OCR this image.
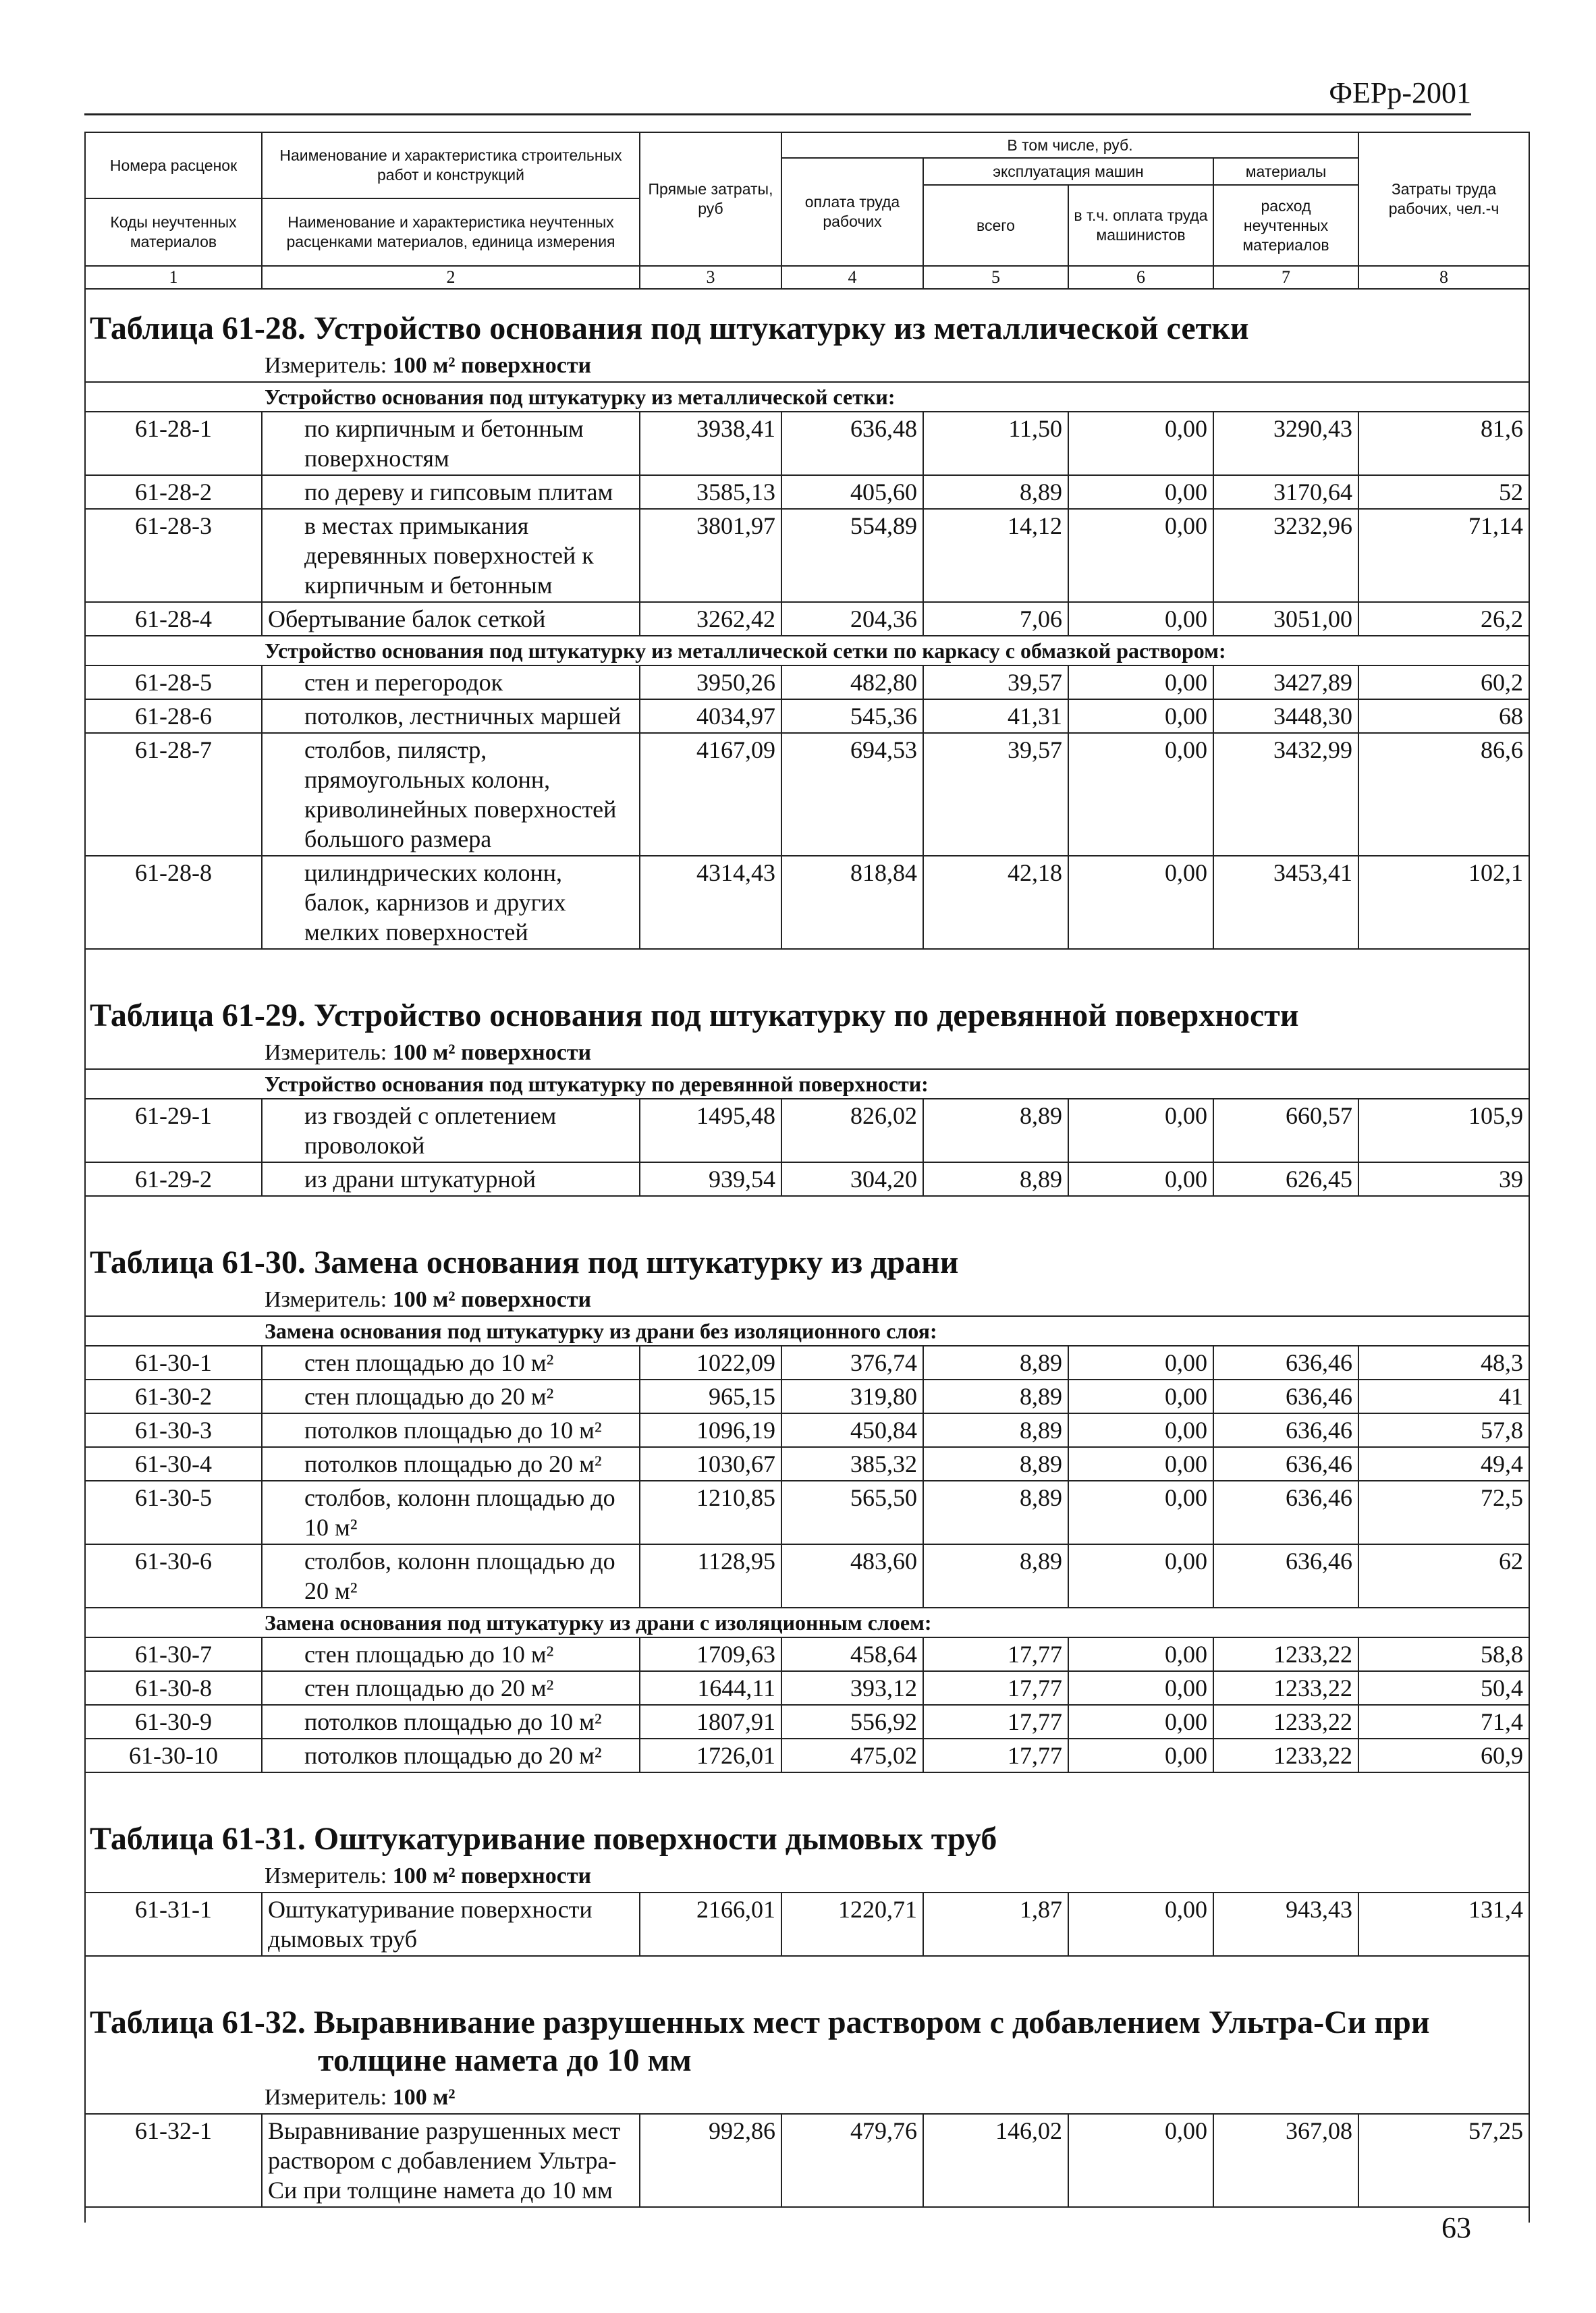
ФЕРр-2001
Номера расценок	Наименование и характеристика строительных работ и конструкций	Прямые затраты, руб	В том числе, руб.				Затраты труда рабочих, чел.-ч
			оплата труда рабочих	эксплуатация машин		материалы	
				всего	в т.ч. оплата труда машинистов	расход неучтенных материалов	
Коды неучтенных материалов	Наименование и характеристика неучтенных расценками материалов, единица измерения						
1	2	3	4	5	6	7	8
Таблица 61-28. Устройство основания под штукатурку из металлической сетки							
Измеритель: 100 м² поверхности							
Устройство основания под штукатурку из металлической сетки:							
61-28-1	по кирпичным и бетонным поверхностям	3938,41	636,48	11,50	0,00	3290,43	81,6
61-28-2	по дереву и гипсовым плитам	3585,13	405,60	8,89	0,00	3170,64	52
61-28-3	в местах примыкания деревянных поверхностей к кирпичным и бетонным	3801,97	554,89	14,12	0,00	3232,96	71,14
61-28-4	Обертывание балок сеткой	3262,42	204,36	7,06	0,00	3051,00	26,2
Устройство основания под штукатурку из металлической сетки по каркасу с обмазкой раствором:							
61-28-5	стен и перегородок	3950,26	482,80	39,57	0,00	3427,89	60,2
61-28-6	потолков, лестничных маршей	4034,97	545,36	41,31	0,00	3448,30	68
61-28-7	столбов, пилястр, прямоугольных колонн, криволинейных поверхностей большого размера	4167,09	694,53	39,57	0,00	3432,99	86,6
61-28-8	цилиндрических колонн, балок, карнизов и других мелких поверхностей	4314,43	818,84	42,18	0,00	3453,41	102,1

Таблица 61-29. Устройство основания под штукатурку по деревянной поверхности							
Измеритель: 100 м² поверхности							
Устройство основания под штукатурку по деревянной поверхности:							
61-29-1	из гвоздей с оплетением проволокой	1495,48	826,02	8,89	0,00	660,57	105,9
61-29-2	из драни штукатурной	939,54	304,20	8,89	0,00	626,45	39

Таблица 61-30. Замена основания под штукатурку из драни							
Измеритель: 100 м² поверхности							
Замена основания под штукатурку из драни без изоляционного слоя:							
61-30-1	стен площадью до 10 м²	1022,09	376,74	8,89	0,00	636,46	48,3
61-30-2	стен площадью до 20 м²	965,15	319,80	8,89	0,00	636,46	41
61-30-3	потолков площадью до 10 м²	1096,19	450,84	8,89	0,00	636,46	57,8
61-30-4	потолков площадью до 20 м²	1030,67	385,32	8,89	0,00	636,46	49,4
61-30-5	столбов, колонн площадью до 10 м²	1210,85	565,50	8,89	0,00	636,46	72,5
61-30-6	столбов, колонн площадью до 20 м²	1128,95	483,60	8,89	0,00	636,46	62
Замена основания под штукатурку из драни с изоляционным слоем:							
61-30-7	стен площадью до 10 м²	1709,63	458,64	17,77	0,00	1233,22	58,8
61-30-8	стен площадью до 20 м²	1644,11	393,12	17,77	0,00	1233,22	50,4
61-30-9	потолков площадью до 10 м²	1807,91	556,92	17,77	0,00	1233,22	71,4
61-30-10	потолков площадью до 20 м²	1726,01	475,02	17,77	0,00	1233,22	60,9

Таблица 61-31. Оштукатуривание поверхности дымовых труб							
Измеритель: 100 м² поверхности							
61-31-1	Оштукатуривание поверхности дымовых труб	2166,01	1220,71	1,87	0,00	943,43	131,4

Таблица 61-32. Выравнивание разрушенных мест раствором с добавлением Ультра-Си при
толщине намета до 10 мм							

Измеритель: 100 м²							
61-32-1	Выравнивание разрушенных мест раствором с добавлением Ультра-Си при толщине намета до 10 мм	992,86	479,76	146,02	0,00	367,08	57,25

63
